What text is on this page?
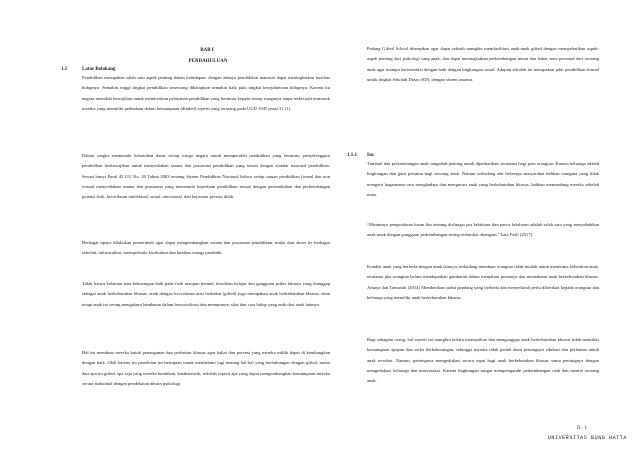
BAB I
PENDAHULUAN
1.1	Latar Belakang

Pendidikan merupakan salah satu aspek penting dalam kehidupan, dengan adanya pendidikan manusia dapat meningkatkan kualitas hidupnya. Semakin tinggi tingkat pendidikan seseorang diharapkan semakin baik pula tingkat kesejahteraan hidupnya. Karena itu negara memiliki kewajiban untuk memberikan pelayanan pendidikan yang bermutu kepada setiap warganya tanpa terkecuali termasuk mereka yang memiliki perbedaan dalam kemampuan (difabel) seperti yang tertuang pada UUD 1945 pasal 31 (1).

Dalam rangka memenuhi kebutuhan dasar setiap warga negara untuk memperoleh pendidikan yang bermutu, penyelenggara pendidikan berkewajiban untuk menyediakan sarana dan prasarana pendidikan yang sesuai dengan standar nasional pendidikan. Sesuai bunyi Pasal 45 UU No. 20 Tahun 2003 tentang Sistem Pendidikan Nasional bahwa setiap satuan pendidikan formal dan non formal menyediakan sarana dan prasarana yang memenuhi keperluan pendidikan sesuai dengan pertumbuhan dan perkembangan potensi fisik, kecerdasan intelektual, sosial, emosional, dan kejiwaan peserta didik.

Berbagai upaya dilakukan pemerintah agar dapat mengembangkan sarana dan prasarana pendidikan, mulai dari akses ke berbagai sekolah, infrastruktur, memperbaiki kurikulum dan kualitas tenaga pendidik.

Tidak hanya kelainan atau kekurangan baik pada fisik maupun mental, kesulitan belajar dan gangguan psikis lainnya yang dianggap sebagai anak berkebutuhan khusus, anak dengan kecerdasan atau berbakat (gifted) juga merupakan anak berkebutuhan khusus, akan tetapi anak ini sering mengalami hambatan dalam bersosialisasi dan mempunyai sifat dan cara hidup yang unik dari anak lainnya.

Hal ini membuat mereka butuh penanganan dan perhatian khusus agar bakat dan potensi yang mereka miliki dapat di kembangkan dengan baik. Oleh karena itu penelitian ini bertujuan untuk mendalami lagi tentang hal-hal yang berhubungan dengan gifted, mulai dari apa itu gifted, apa saja yang mereka butuhkan, karakteristik, sekolah seperti apa yang dapat mengembangkan kemampuan mereka secara maksimal dengan pendekatan desain psikologi.

Padang Gifted School diterapkan agar dapat sebuah mungkin memfasilitasi anak-anak gifted dengan mempehatikan aspek-aspek penting dari psikologi sang anak, dan dapat meningkatkan perkembangan minat dan bakat serta personal dari seorang anak agar mampu berinteraksi dengan baik dengan lingkungan sosial. Adapun sekolah ini merupakan jalur pendidikan formal untuk tingkat Sekolah Dasar (SD), dengan sistem asrama.

1.1.1 Isu

Tumbuh dan perkembangan anak sangatlah penting untuk diperhatikan, terutama bagi para orangtua. Karena keluarga adalah lingkungan dan guru pertama bagi seorang anak. Namun terkadang ada beberapa masyarakat bahkan orangtua yang tidak mengerti bagaimana cara menghadapi dan mengurusi anak yang berkebutuhan khusus, bahkan memandang mereka sebelah mata.

“Minimnya pengetahuan kaum ibu tentang disfungsi pra kelahiran dan pasca kelahiran adalah salah satu yang menyebabkan anak-anak dengan gangguan perkembangan sering terlambat ditangani,” kata Fasli (2017).

Kondisi anak yang berbeda dengan anak lainnya, terkadang membuat orangtua tidak mudah untuk menerima kehadiran anak, terutama jika orangtua belum mendapatkan gambaran dalam menjalani perannya dan memahami anak berkebutuhan khusus. Amaya dan Tomasini (2014) Memberikan sudut pandang yang berbeda dan menyeluruh perlu diberikan kepada orangtua dan keluarga yang memiliki anak berkebutuhan khusus.

Bagi sebagian orang, hal seperti ini mungkin terlalu merepotkan dan menganggap anak berkebutuhan khusus tidak memiliki kemampuan apapun dan serba berkekurangan, sehingga mereka tidak peduli akan pentingnya edukasi dan perhatian untuk anak tersebut. Namun, pentingnya mengedukasi secara tepat bagi anak berkebutuhan khusus sama pentingnya dengan mengedukasi keluarga dan masyarakat. Karena lingkungan sangat mempengaruhi perkembangan otak dan mental seorang anak.

II - 1
UNIVERSITAS BUNG HATTA
